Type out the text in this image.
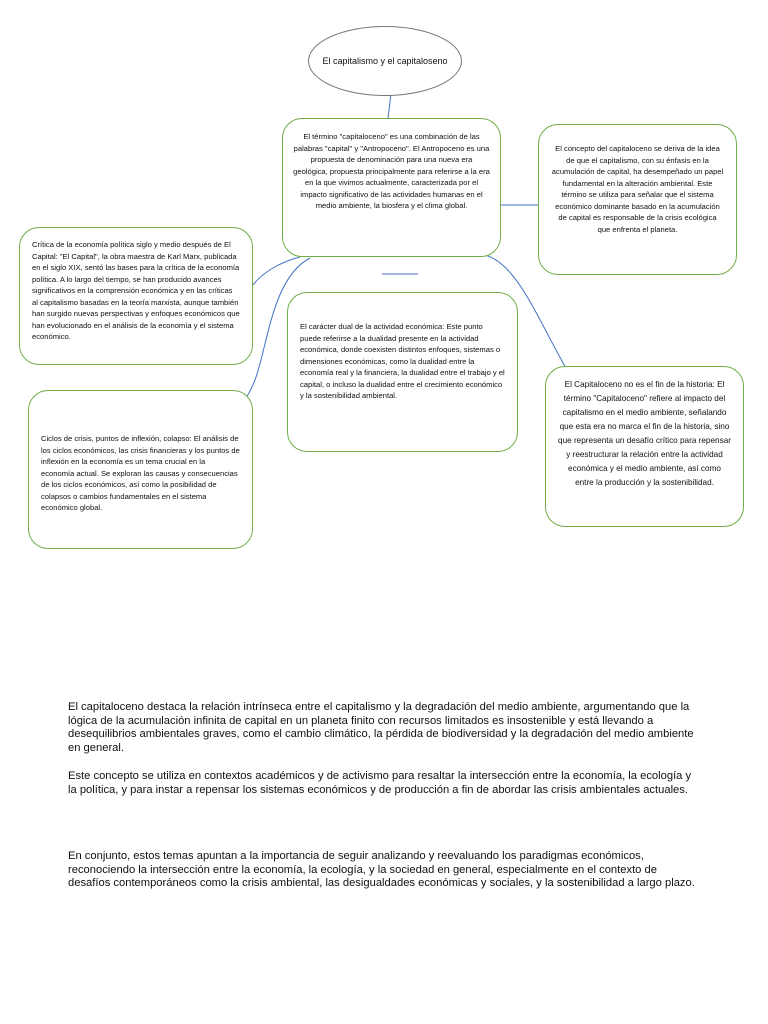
El capitalismo y el capitaloseno
El término "capitaloceno" es una combinación de las palabras "capital" y "Antropoceno". El Antropoceno es una propuesta de denominación para una nueva era geológica, propuesta principalmente para referirse a la era en la que vivimos actualmente, caracterizada por el impacto significativo de las actividades humanas en el medio ambiente, la biosfera y el clima global.
El concepto del capitaloceno se deriva de la idea de que el capitalismo, con su énfasis en la acumulación de capital, ha desempeñado un papel fundamental en la alteración ambiental. Este término se utiliza para señalar que el sistema económico dominante basado en la acumulación de capital es responsable de la crisis ecológica que enfrenta el planeta.
Crítica de la economía política siglo y medio después de El Capital: "El Capital", la obra maestra de Karl Marx, publicada en el siglo XIX, sentó las bases para la crítica de la economía política. A lo largo del tiempo, se han producido avances significativos en la comprensión económica y en las críticas al capitalismo basadas en la teoría marxista, aunque también han surgido nuevas perspectivas y enfoques económicos que han evolucionado en el análisis de la economía y el sistema económico.
El carácter dual de la actividad económica: Este punto puede referirse a la dualidad presente en la actividad económica, donde coexisten distintos enfoques, sistemas o dimensiones económicas, como la dualidad entre la economía real y la financiera, la dualidad entre el trabajo y el capital, o incluso la dualidad entre el crecimiento económico y la sostenibilidad ambiental.
Ciclos de crisis, puntos de inflexión, colapso: El análisis de los ciclos económicos, las crisis financieras y los puntos de inflexión en la economía es un tema crucial en la economía actual. Se exploran las causas y consecuencias de los ciclos económicos, así como la posibilidad de colapsos o cambios fundamentales en el sistema económico global.
El Capitaloceno no es el fin de la historia: El término "Capitaloceno" refiere al impacto del capitalismo en el medio ambiente, señalando que esta era no marca el fin de la historia, sino que representa un desafío crítico para repensar y reestructurar la relación entre la actividad económica y el medio ambiente, así como entre la producción y la sostenibilidad.

El capitaloceno destaca la relación intrínseca entre el capitalismo y la degradación del medio ambiente, argumentando que la lógica de la acumulación infinita de capital en un planeta finito con recursos limitados es insostenible y está llevando a desequilibrios ambientales graves, como el cambio climático, la pérdida de biodiversidad y la degradación del medio ambiente en general.

Este concepto se utiliza en contextos académicos y de activismo para resaltar la intersección entre la economía, la ecología y la política, y para instar a repensar los sistemas económicos y de producción a fin de abordar las crisis ambientales actuales.

En conjunto, estos temas apuntan a la importancia de seguir analizando y reevaluando los paradigmas económicos, reconociendo la intersección entre la economía, la ecología, y la sociedad en general, especialmente en el contexto de desafíos contemporáneos como la crisis ambiental, las desigualdades económicas y sociales, y la sostenibilidad a largo plazo.
